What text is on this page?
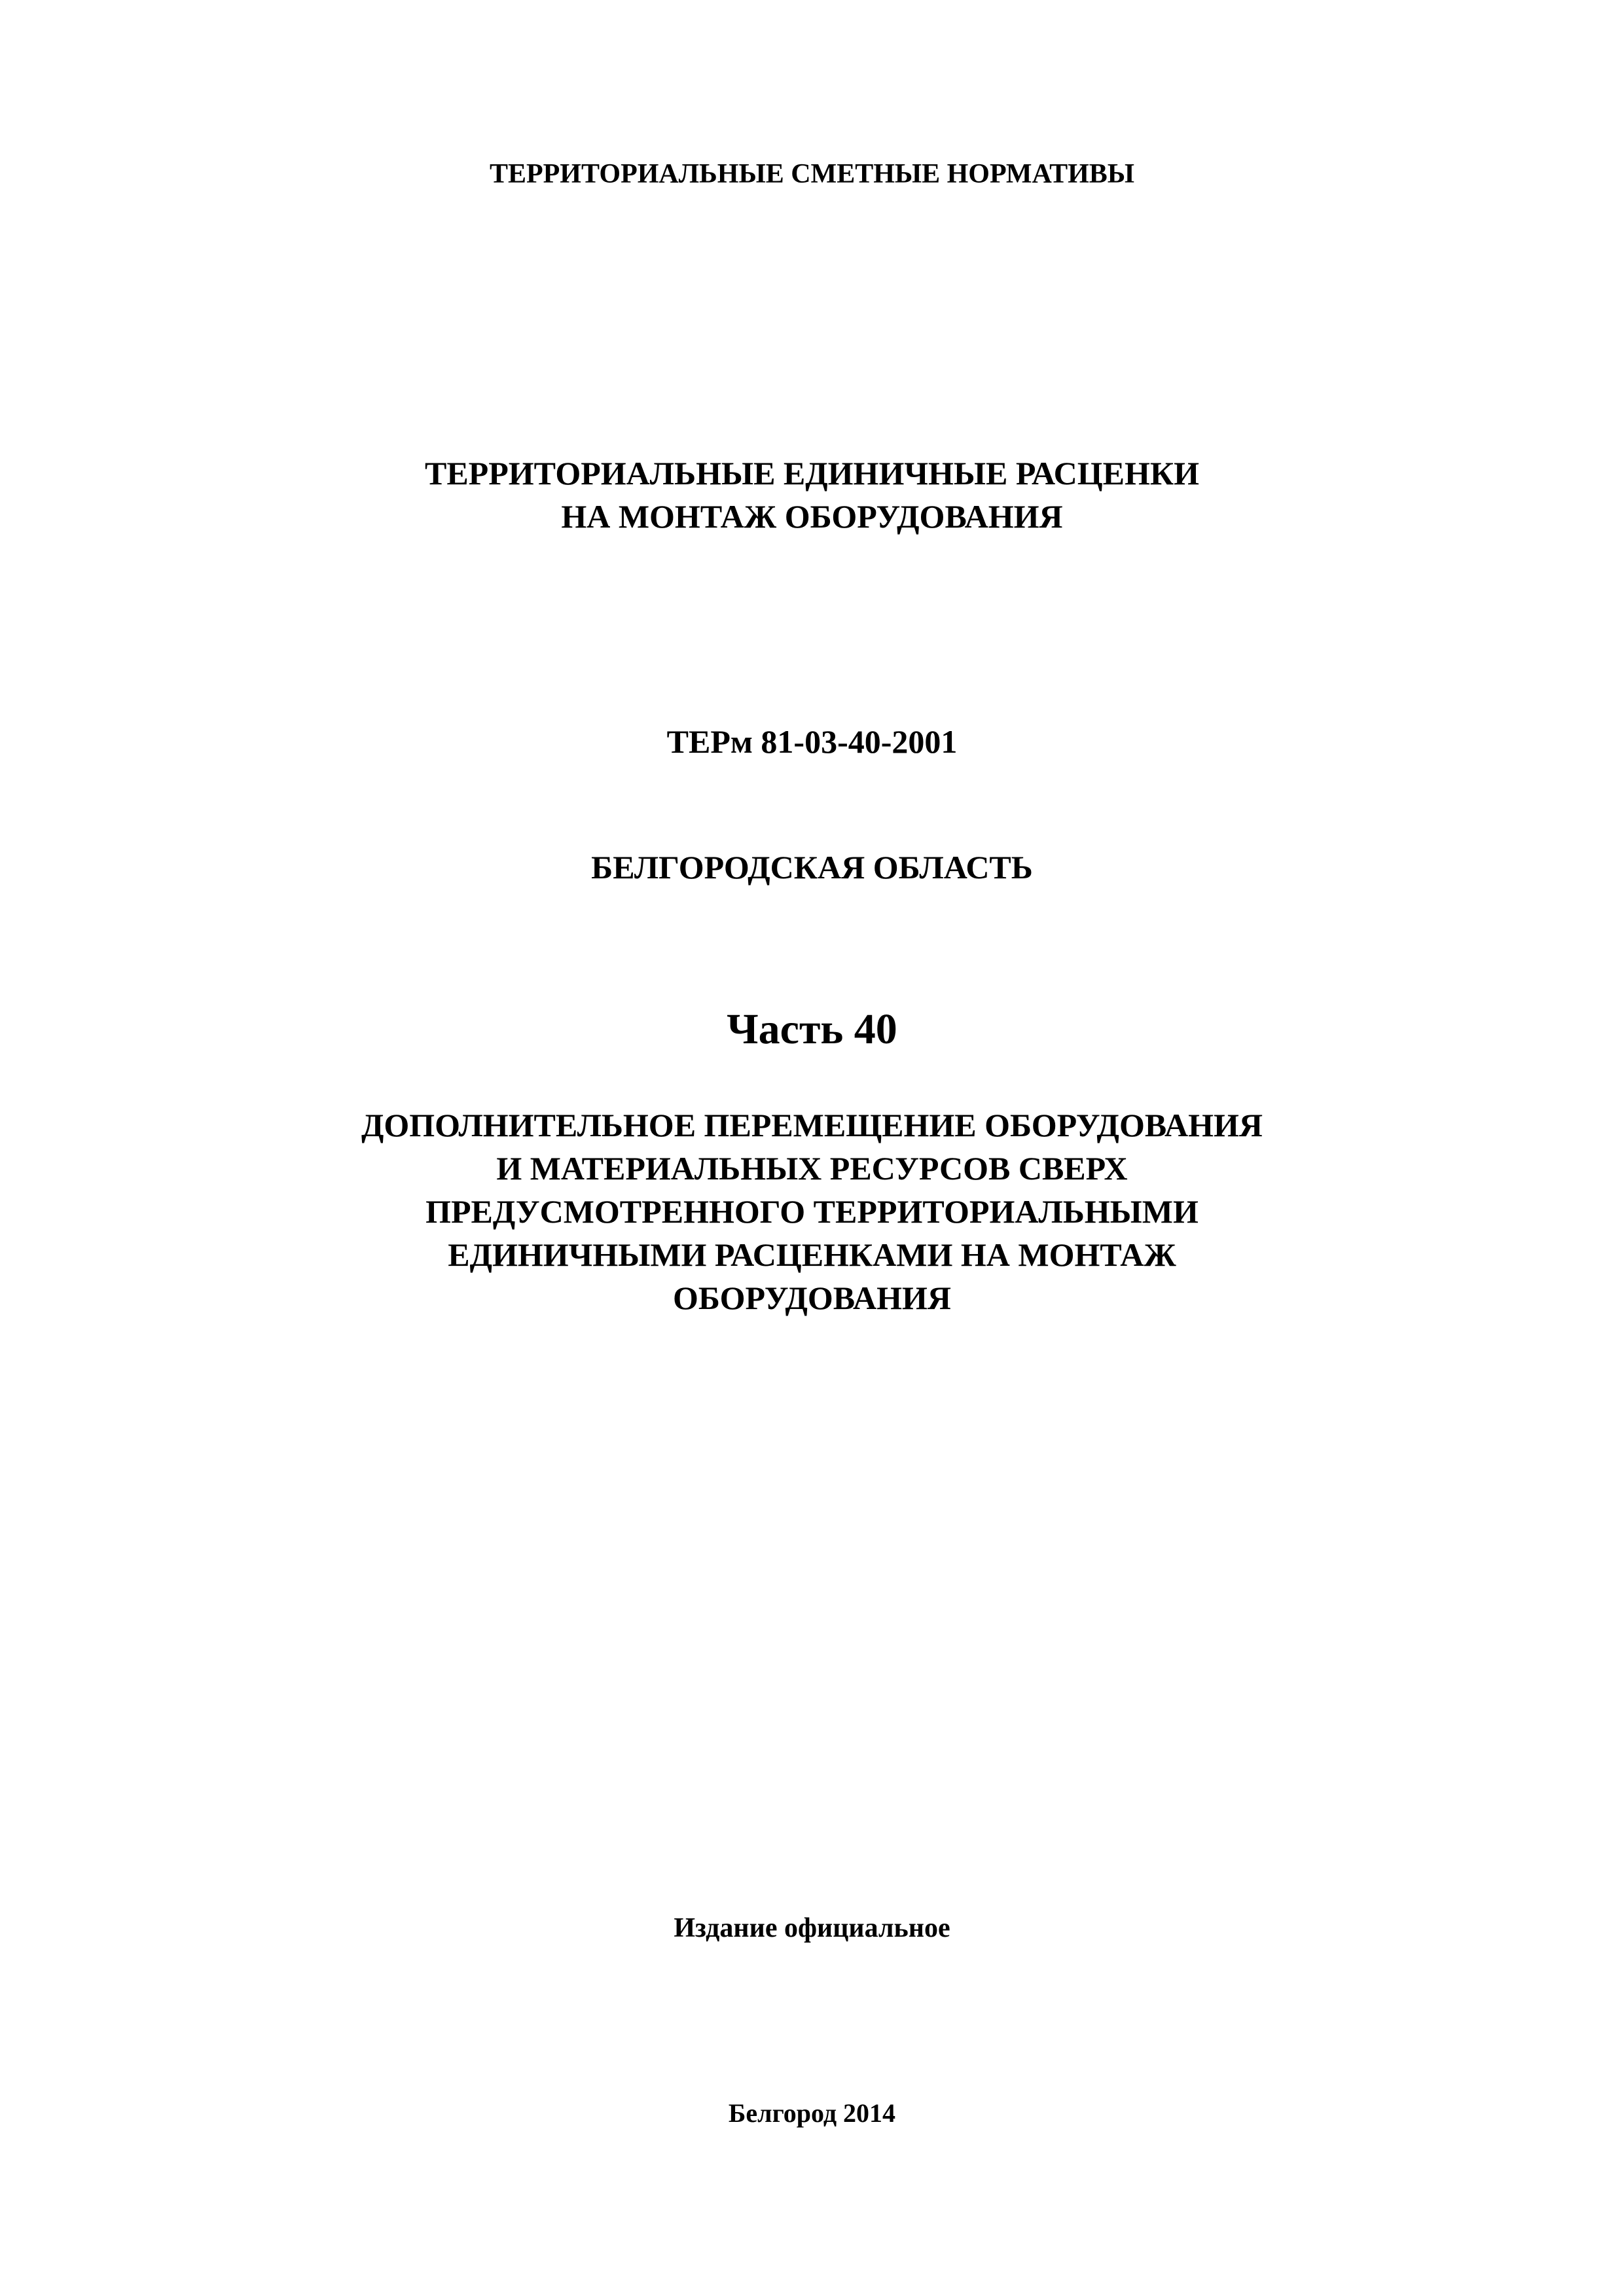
ТЕРРИТОРИАЛЬНЫЕ СМЕТНЫЕ НОРМАТИВЫ

ТЕРРИТОРИАЛЬНЫЕ ЕДИНИЧНЫЕ РАСЦЕНКИ
НА МОНТАЖ ОБОРУДОВАНИЯ

ТЕРм 81-03-40-2001

БЕЛГОРОДСКАЯ ОБЛАСТЬ

Часть 40

ДОПОЛНИТЕЛЬНОЕ ПЕРЕМЕЩЕНИЕ ОБОРУДОВАНИЯ
И МАТЕРИАЛЬНЫХ РЕСУРСОВ СВЕРХ
ПРЕДУСМОТРЕННОГО ТЕРРИТОРИАЛЬНЫМИ
ЕДИНИЧНЫМИ РАСЦЕНКАМИ НА МОНТАЖ
ОБОРУДОВАНИЯ

Издание официальное

Белгород 2014
